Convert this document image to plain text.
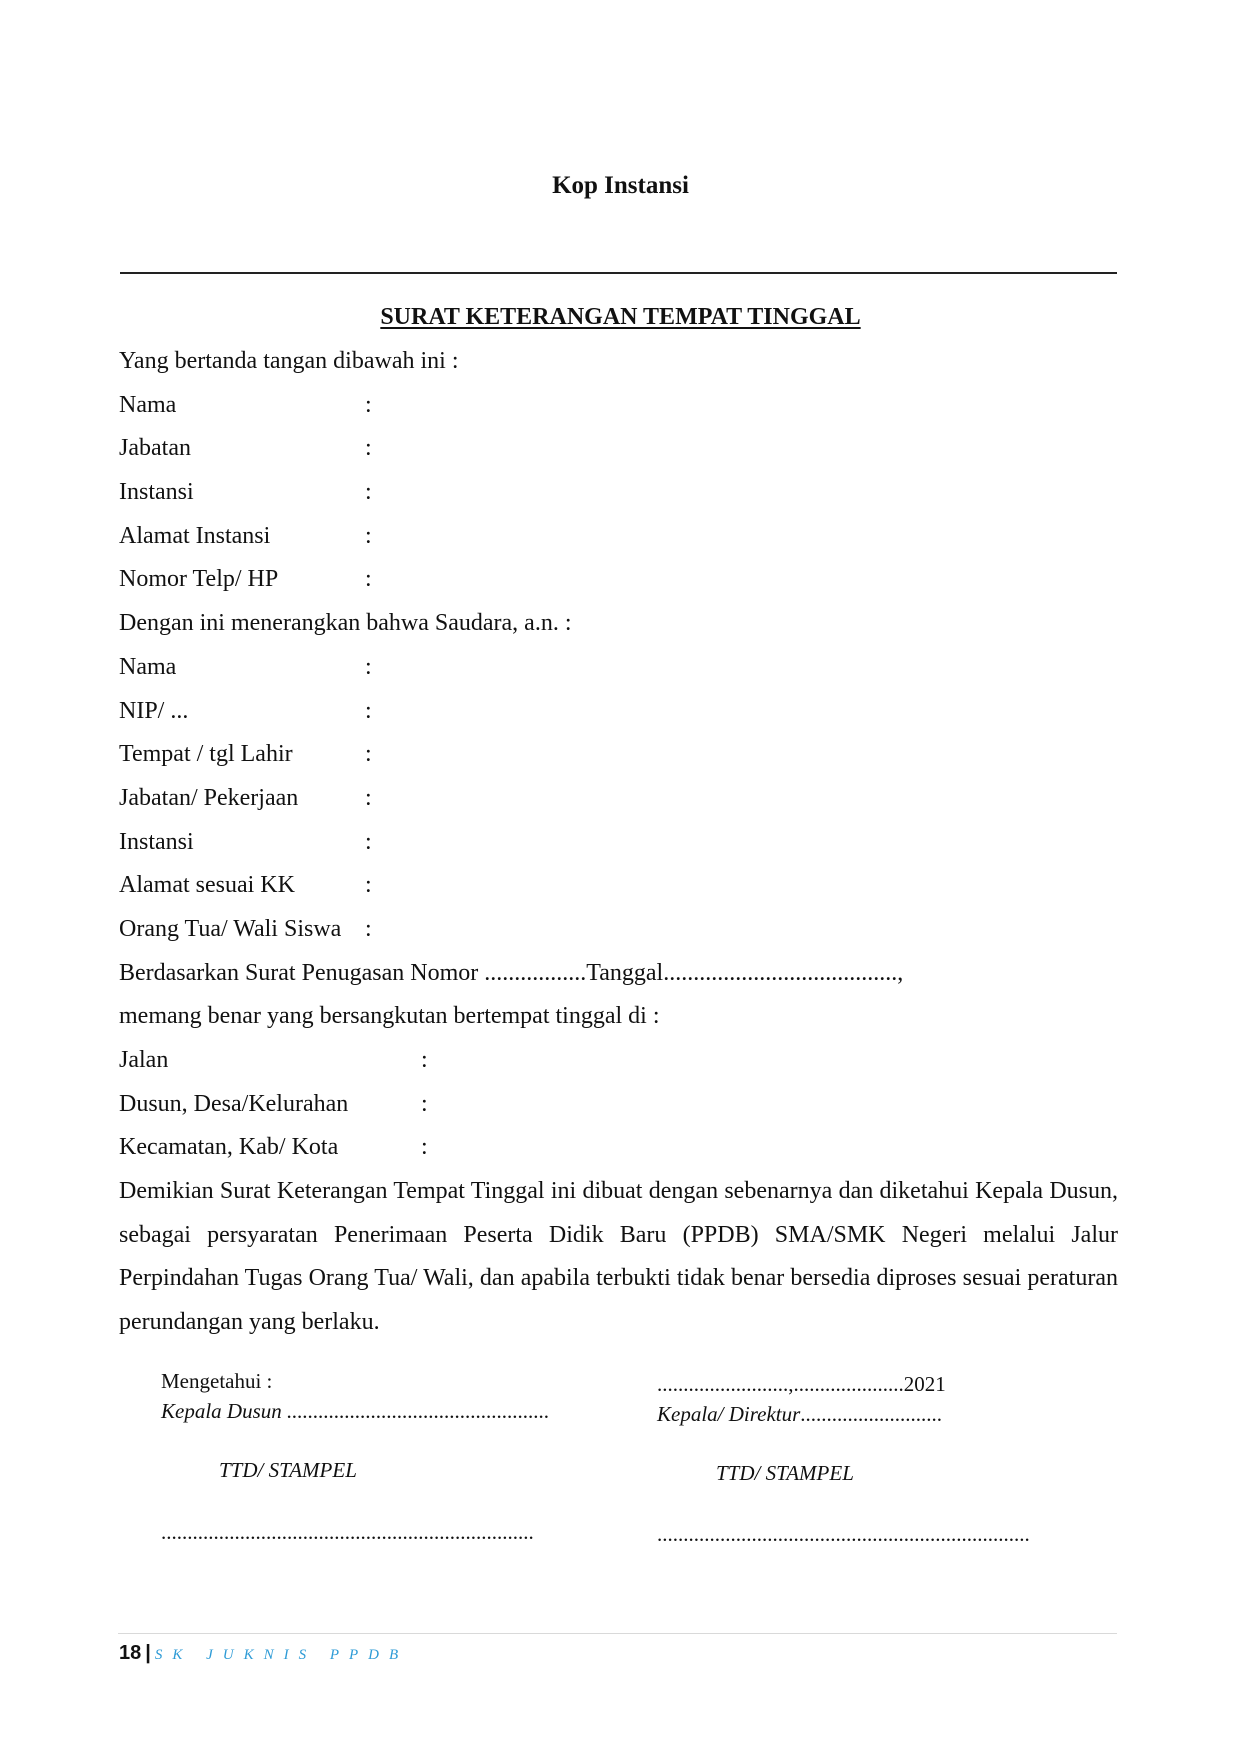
Kop Instansi
SURAT KETERANGAN TEMPAT TINGGAL
Yang bertanda tangan dibawah ini :
Nama	:
Jabatan	:
Instansi	:
Alamat Instansi	:
Nomor Telp/ HP	:
Dengan ini menerangkan bahwa Saudara, a.n. :
Nama	:
NIP/ ...	:
Tempat / tgl Lahir	:
Jabatan/ Pekerjaan	:
Instansi	:
Alamat sesuai KK	:
Orang Tua/ Wali Siswa :
Berdasarkan Surat Penugasan Nomor .................Tanggal.......................................,
memang benar yang bersangkutan bertempat tinggal di :
Jalan	:
Dusun, Desa/Kelurahan	:
Kecamatan, Kab/ Kota	:
Demikian Surat Keterangan Tempat Tinggal ini dibuat dengan sebenarnya dan diketahui Kepala Dusun, sebagai persyaratan Penerimaan Peserta Didik Baru (PPDB) SMA/SMK Negeri melalui Jalur Perpindahan Tugas Orang Tua/ Wali, dan apabila terbukti tidak benar bersedia diproses sesuai peraturan perundangan yang berlaku.
Mengetahui :
Kepala Dusun ..................................................
.........................,.....................2021
Kepala/ Direktur...........................
TTD/ STAMPEL	TTD/ STAMPEL
.......................................................................	.......................................................................
18 | SK JUKNIS PPDB
